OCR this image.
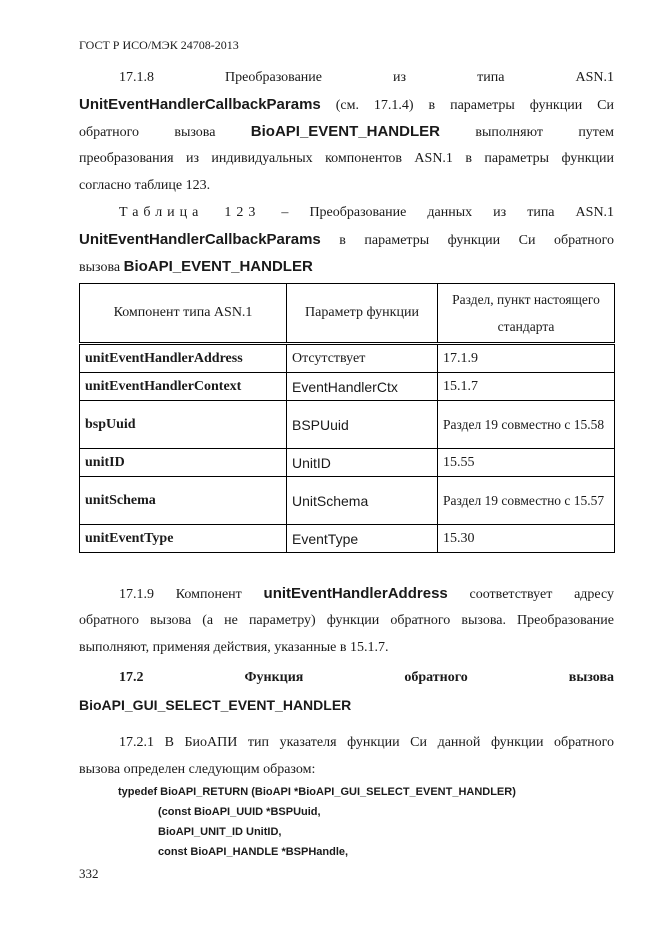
ГОСТ Р ИСО/МЭК 24708-2013
17.1.8 Преобразование	из	типа	ASN.1
UnitEventHandlerCallbackParams (см. 17.1.4) в параметры функции Си
обратного	вызова BioAPI_EVENT_HANDLER	выполняют	путем
преобразования из индивидуальных компонентов ASN.1 в параметры функции
согласно таблице 123.
Таблица 123 – Преобразование данных из типа ASN.1
UnitEventHandlerCallbackParams в параметры функции Си обратного
вызова BioAPI_EVENT_HANDLER
Компонент типа ASN.1	Параметр функции	Раздел, пункт настоящего стандарта
unitEventHandlerAddress	Отсутствует	17.1.9
unitEventHandlerContext	EventHandlerCtx	15.1.7
bspUuid	BSPUuid	Раздел 19 совместно с 15.58
unitID	UnitID	15.55
unitSchema	UnitSchema	Раздел 19 совместно с 15.57
unitEventType	EventType	15.30
17.1.9 Компонент unitEventHandlerAddress соответствует адресу
обратного вызова (а не параметру) функции обратного вызова. Преобразование
выполняют, применяя действия, указанные в 15.1.7.
17.2	Функция	обратного	вызова
BioAPI_GUI_SELECT_EVENT_HANDLER
17.2.1 В БиоАПИ тип указателя функции Си данной функции обратного
вызова определен следующим образом:
typedef BioAPI_RETURN (BioAPI *BioAPI_GUI_SELECT_EVENT_HANDLER)
(const BioAPI_UUID *BSPUuid,
BioAPI_UNIT_ID UnitID,
const BioAPI_HANDLE *BSPHandle,
332
